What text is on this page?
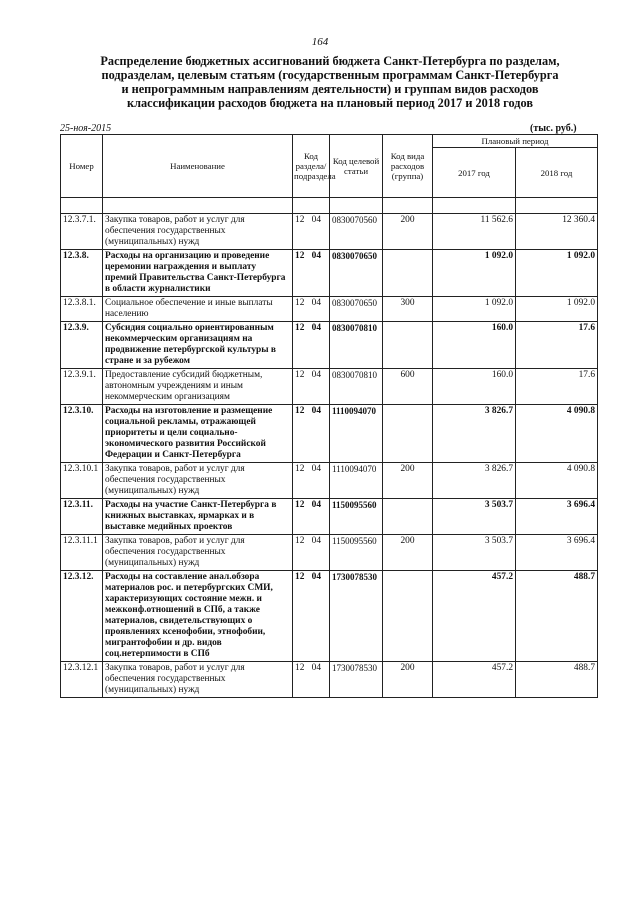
164
Распределение бюджетных ассигнований бюджета Санкт-Петербурга по разделам,
подразделам, целевым статьям (государственным программам Санкт-Петербурга
и непрограммным направлениям деятельности) и группам видов расходов
классификации расходов бюджета на плановый период 2017 и 2018 годов
25-ноя-2015	(тыс. руб.)
Номер	Наименование	Код раздела/ подраздела	Код целевой статьи	Код вида расходов (группа)	Плановый период	
					2017 год	2018 год

12.3.7.1.	Закупка товаров, работ и услуг для обеспечения государственных (муниципальных) нужд	12 04	0830070560	200	11 562.6	12 360.4
12.3.8.	Расходы на организацию и проведение церемонии награждения и выплату премий Правительства Санкт-Петербурга в области журналистики	12 04	0830070650		1 092.0	1 092.0
12.3.8.1.	Социальное обеспечение и иные выплаты населению	12 04	0830070650	300	1 092.0	1 092.0
12.3.9.	Субсидия социально ориентированным некоммерческим организациям на продвижение петербургской культуры в стране и за рубежом	12 04	0830070810		160.0	17.6
12.3.9.1.	Предоставление субсидий бюджетным, автономным учреждениям и иным некоммерческим организациям	12 04	0830070810	600	160.0	17.6
12.3.10.	Расходы на изготовление и размещение социальной рекламы, отражающей приоритеты и цели социально-экономического развития Российской Федерации и Санкт-Петербурга	12 04	1110094070		3 826.7	4 090.8
12.3.10.1	Закупка товаров, работ и услуг для обеспечения государственных (муниципальных) нужд	12 04	1110094070	200	3 826.7	4 090.8
12.3.11.	Расходы на участие Санкт-Петербурга в книжных выставках, ярмарках и в выставке медийных проектов	12 04	1150095560		3 503.7	3 696.4
12.3.11.1	Закупка товаров, работ и услуг для обеспечения государственных (муниципальных) нужд	12 04	1150095560	200	3 503.7	3 696.4
12.3.12.	Расходы на составление анал.обзора материалов рос. и петербургских СМИ, характеризующих состояние межн. и межконф.отношений в СПб, а также материалов, свидетельствующих о проявлениях ксенофобии, этнофобии, мигрантофобии и др. видов соц.нетерпимости в СПб	12 04	1730078530		457.2	488.7
12.3.12.1	Закупка товаров, работ и услуг для обеспечения государственных (муниципальных) нужд	12 04	1730078530	200	457.2	488.7
